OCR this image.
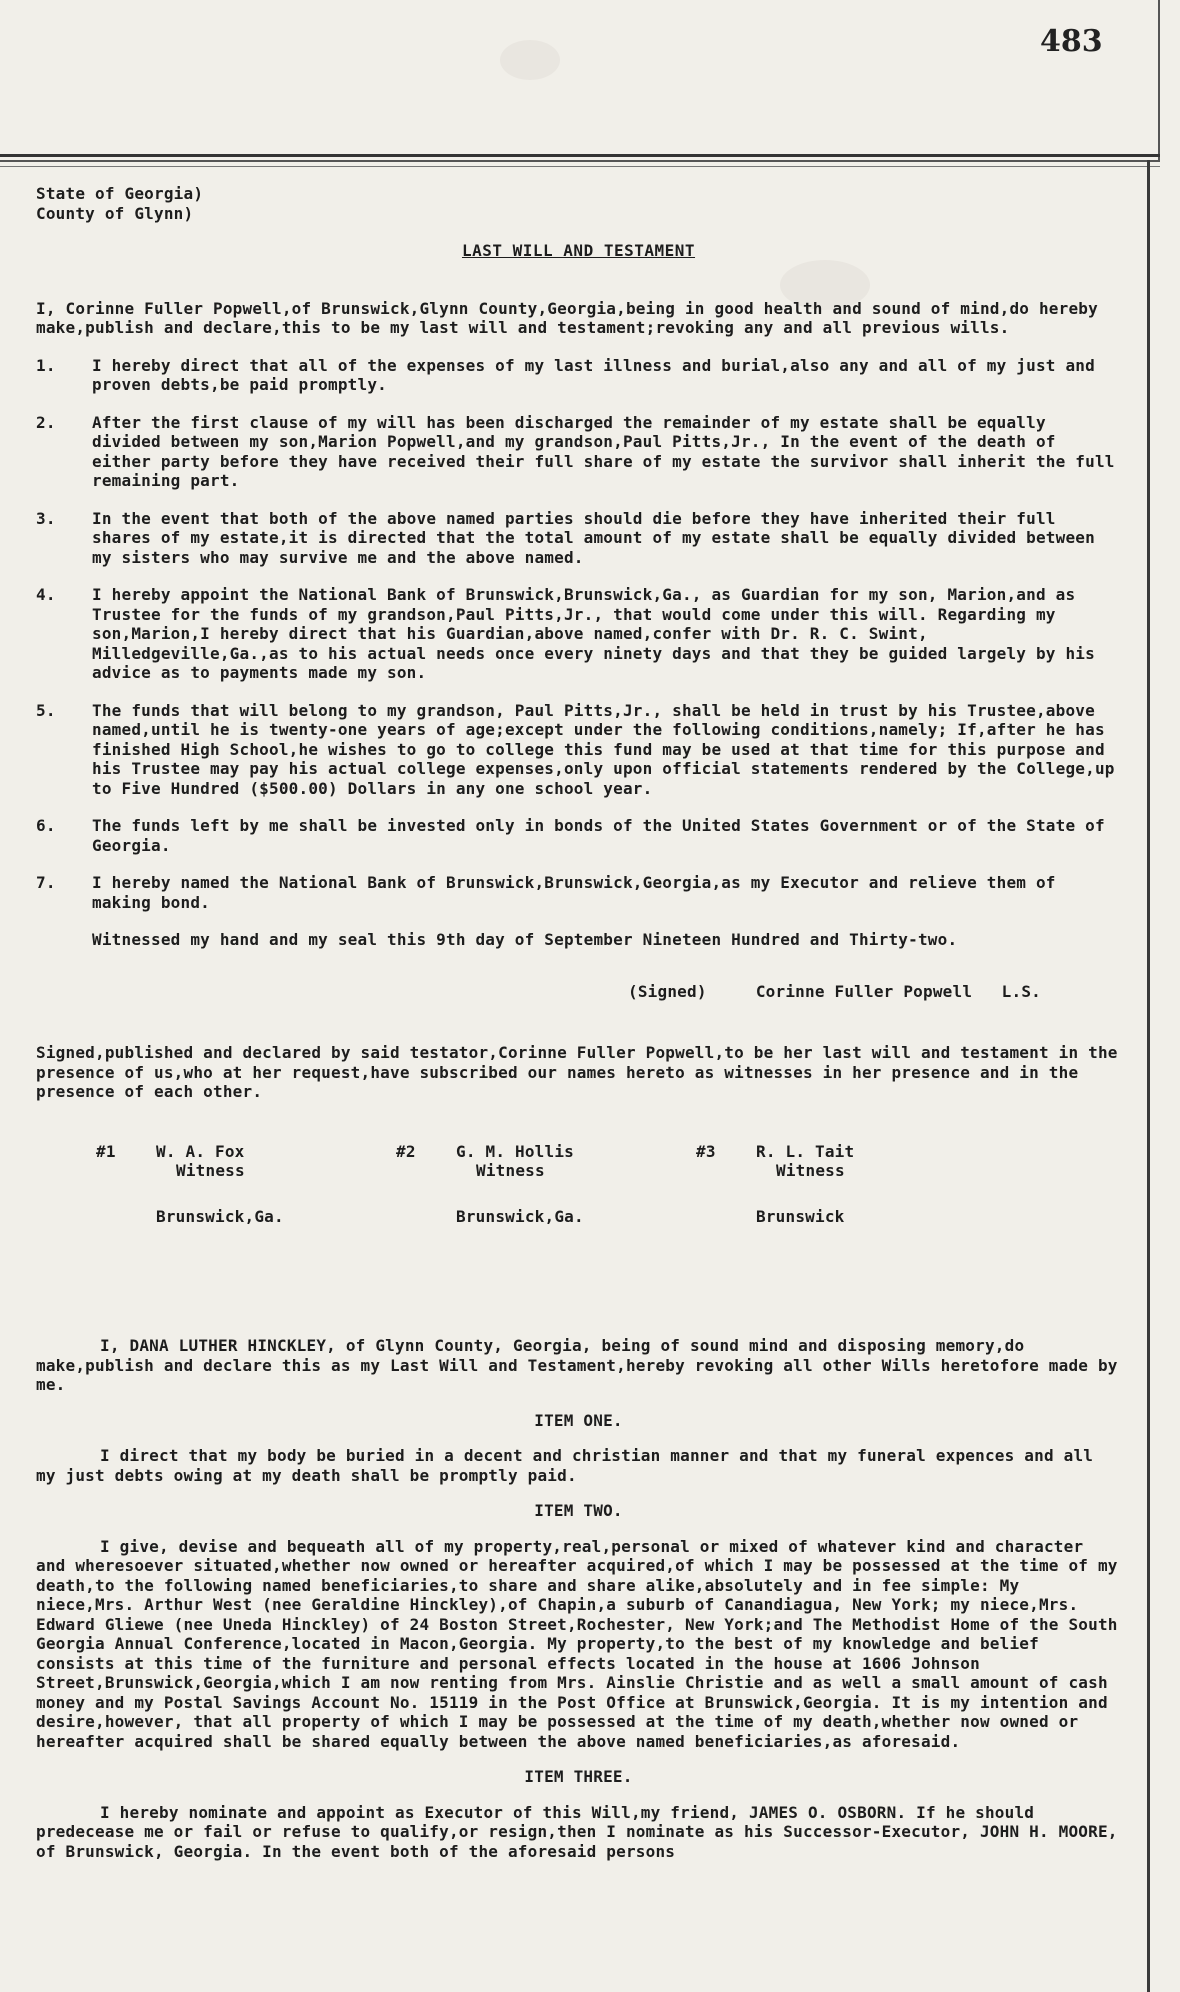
483

State of Georgia)

County of Glynn)

LAST WILL AND TESTAMENT

I, Corinne Fuller Popwell,of Brunswick,Glynn County,Georgia,being in good health and sound of mind,do hereby make,publish and declare,this to be my last will and testament;revoking any and all previous wills.

1.	I hereby direct that all of the expenses of my last illness and burial,also any and all of my just and proven debts,be paid promptly.
2.	After the first clause of my will has been discharged the remainder of my estate shall be equally divided between my son,Marion Popwell,and my grandson,Paul Pitts,Jr., In the event of the death of either party before they have received their full share of my estate the survivor shall inherit the full remaining part.
3.	In the event that both of the above named parties should die before they have inherited their full shares of my estate,it is directed that the total amount of my estate shall be equally divided between my sisters who may survive me and the above named.
4.	I hereby appoint the National Bank of Brunswick,Brunswick,Ga., as Guardian for my son, Marion,and as Trustee for the funds of my grandson,Paul Pitts,Jr., that would come under this will. Regarding my son,Marion,I hereby direct that his Guardian,above named,confer with Dr. R. C. Swint, Milledgeville,Ga.,as to his actual needs once every ninety days and that they be guided largely by his advice as to payments made my son.
5.	The funds that will belong to my grandson, Paul Pitts,Jr., shall be held in trust by his Trustee,above named,until he is twenty-one years of age;except under the following conditions,namely; If,after he has finished High School,he wishes to go to college this fund may be used at that time for this purpose and his Trustee may pay his actual college expenses,only upon official statements rendered by the College,up to Five Hundred ($500.00) Dollars in any one school year.
6.	The funds left by me shall be invested only in bonds of the United States Government or of the State of Georgia.
7.	I hereby named the National Bank of Brunswick,Brunswick,Georgia,as my Executor and relieve them of making bond.

Witnessed my hand and my seal this 9th day of September Nineteen Hundred and Thirty-two.

(Signed)     Corinne Fuller Popwell   L.S.

Signed,published and declared by said testator,Corinne Fuller Popwell,to be her last will and testament in the presence of us,who at her request,have subscribed our names hereto as witnesses in her presence and in the presence of each other.

#1	W. A. Fox
Witness
Brunswick,Ga.
#2	G. M. Hollis
Witness
Brunswick,Ga.
#3	R. L. Tait
Witness
Brunswick

I, DANA LUTHER HINCKLEY, of Glynn County, Georgia, being of sound mind and disposing memory,do make,publish and declare this as my Last Will and Testament,hereby revoking all other Wills heretofore made by me.

ITEM ONE.

I direct that my body be buried in a decent and christian manner and that my funeral expences and all my just debts owing at my death shall be promptly paid.

ITEM TWO.

I give, devise and bequeath all of my property,real,personal or mixed of whatever kind and character and wheresoever situated,whether now owned or hereafter acquired,of which I may be possessed at the time of my death,to the following named beneficiaries,to share and share alike,absolutely and in fee simple: My niece,Mrs. Arthur West (nee Geraldine Hinckley),of Chapin,a suburb of Canandiagua, New York; my niece,Mrs. Edward Gliewe (nee Uneda Hinckley) of 24 Boston Street,Rochester, New York;and The Methodist Home of the South Georgia Annual Conference,located in Macon,Georgia. My property,to the best of my knowledge and belief consists at this time of the furniture and personal effects located in the house at 1606 Johnson Street,Brunswick,Georgia,which I am now renting from Mrs. Ainslie Christie and as well a small amount of cash money and my Postal Savings Account No. 15119 in the Post Office at Brunswick,Georgia. It is my intention and desire,however, that all property of which I may be possessed at the time of my death,whether now owned or hereafter acquired shall be shared equally between the above named beneficiaries,as aforesaid.

ITEM THREE.

I hereby nominate and appoint as Executor of this Will,my friend, JAMES O. OSBORN. If he should predecease me or fail or refuse to qualify,or resign,then I nominate as his Successor-Executor, JOHN H. MOORE, of Brunswick, Georgia. In the event both of the aforesaid persons
